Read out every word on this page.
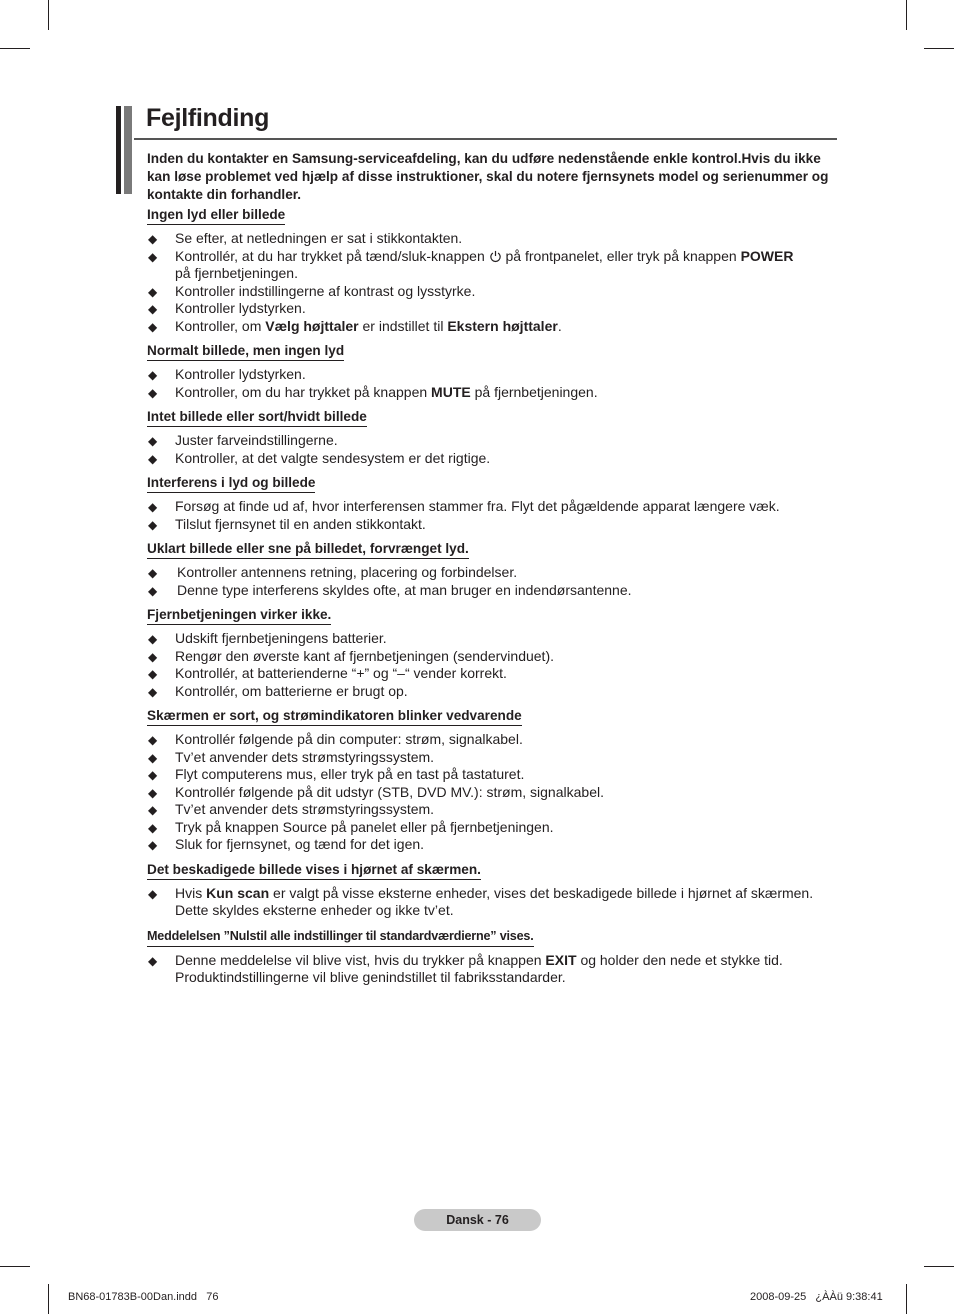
Fejlfinding

Inden du kontakter en Samsung-serviceafdeling, kan du udføre nedenstående enkle kontrol.Hvis du ikke kan løse problemet ved hjælp af disse instruktioner, skal du notere fjernsynets model og serienummer og kontakte din forhandler.

Ingen lyd eller billede

◆ Se efter, at netledningen er sat i stikkontakten.
◆ Kontrollér, at du har trykket på tænd/sluk-knappen på frontpanelet, eller tryk på knappen POWER
på fjernbetjeningen.
◆ Kontroller indstillingerne af kontrast og lysstyrke.
◆ Kontroller lydstyrken.
◆ Kontroller, om Vælg højttaler er indstillet til Ekstern højttaler.

Normalt billede, men ingen lyd

◆ Kontroller lydstyrken.
◆ Kontroller, om du har trykket på knappen MUTE på fjernbetjeningen.

Intet billede eller sort/hvidt billede

◆ Juster farveindstillingerne.
◆ Kontroller, at det valgte sendesystem er det rigtige.

Interferens i lyd og billede

◆ Forsøg at finde ud af, hvor interferensen stammer fra. Flyt det pågældende apparat længere væk.
◆ Tilslut fjernsynet til en anden stikkontakt.

Uklart billede eller sne på billedet, forvrænget lyd.

◆ Kontroller antennens retning, placering og forbindelser.
◆ Denne type interferens skyldes ofte, at man bruger en indendørsantenne.

Fjernbetjeningen virker ikke.

◆ Udskift fjernbetjeningens batterier.
◆ Rengør den øverste kant af fjernbetjeningen (sendervinduet).
◆ Kontrollér, at batterienderne “+” og “–“ vender korrekt.
◆ Kontrollér, om batterierne er brugt op.

Skærmen er sort, og strømindikatoren blinker vedvarende

◆ Kontrollér følgende på din computer: strøm, signalkabel.
◆ Tv’et anvender dets strømstyringssystem.
◆ Flyt computerens mus, eller tryk på en tast på tastaturet.
◆ Kontrollér følgende på dit udstyr (STB, DVD MV.): strøm, signalkabel.
◆ Tv’et anvender dets strømstyringssystem.
◆ Tryk på knappen Source på panelet eller på fjernbetjeningen.
◆ Sluk for fjernsynet, og tænd for det igen.

Det beskadigede billede vises i hjørnet af skærmen.

◆ Hvis Kun scan er valgt på visse eksterne enheder, vises det beskadigede billede i hjørnet af skærmen. Dette skyldes eksterne enheder og ikke tv’et.

Meddelelsen ”Nulstil alle indstillinger til standardværdierne” vises.

◆ Denne meddelelse vil blive vist, hvis du trykker på knappen EXIT og holder den nede et stykke tid. Produktindstillingerne vil blive genindstillet til fabriksstandarder.
Dansk - 76
BN68-01783B-00Dan.indd   76	2008-09-25   ¿ÀÀü 9:38:41
